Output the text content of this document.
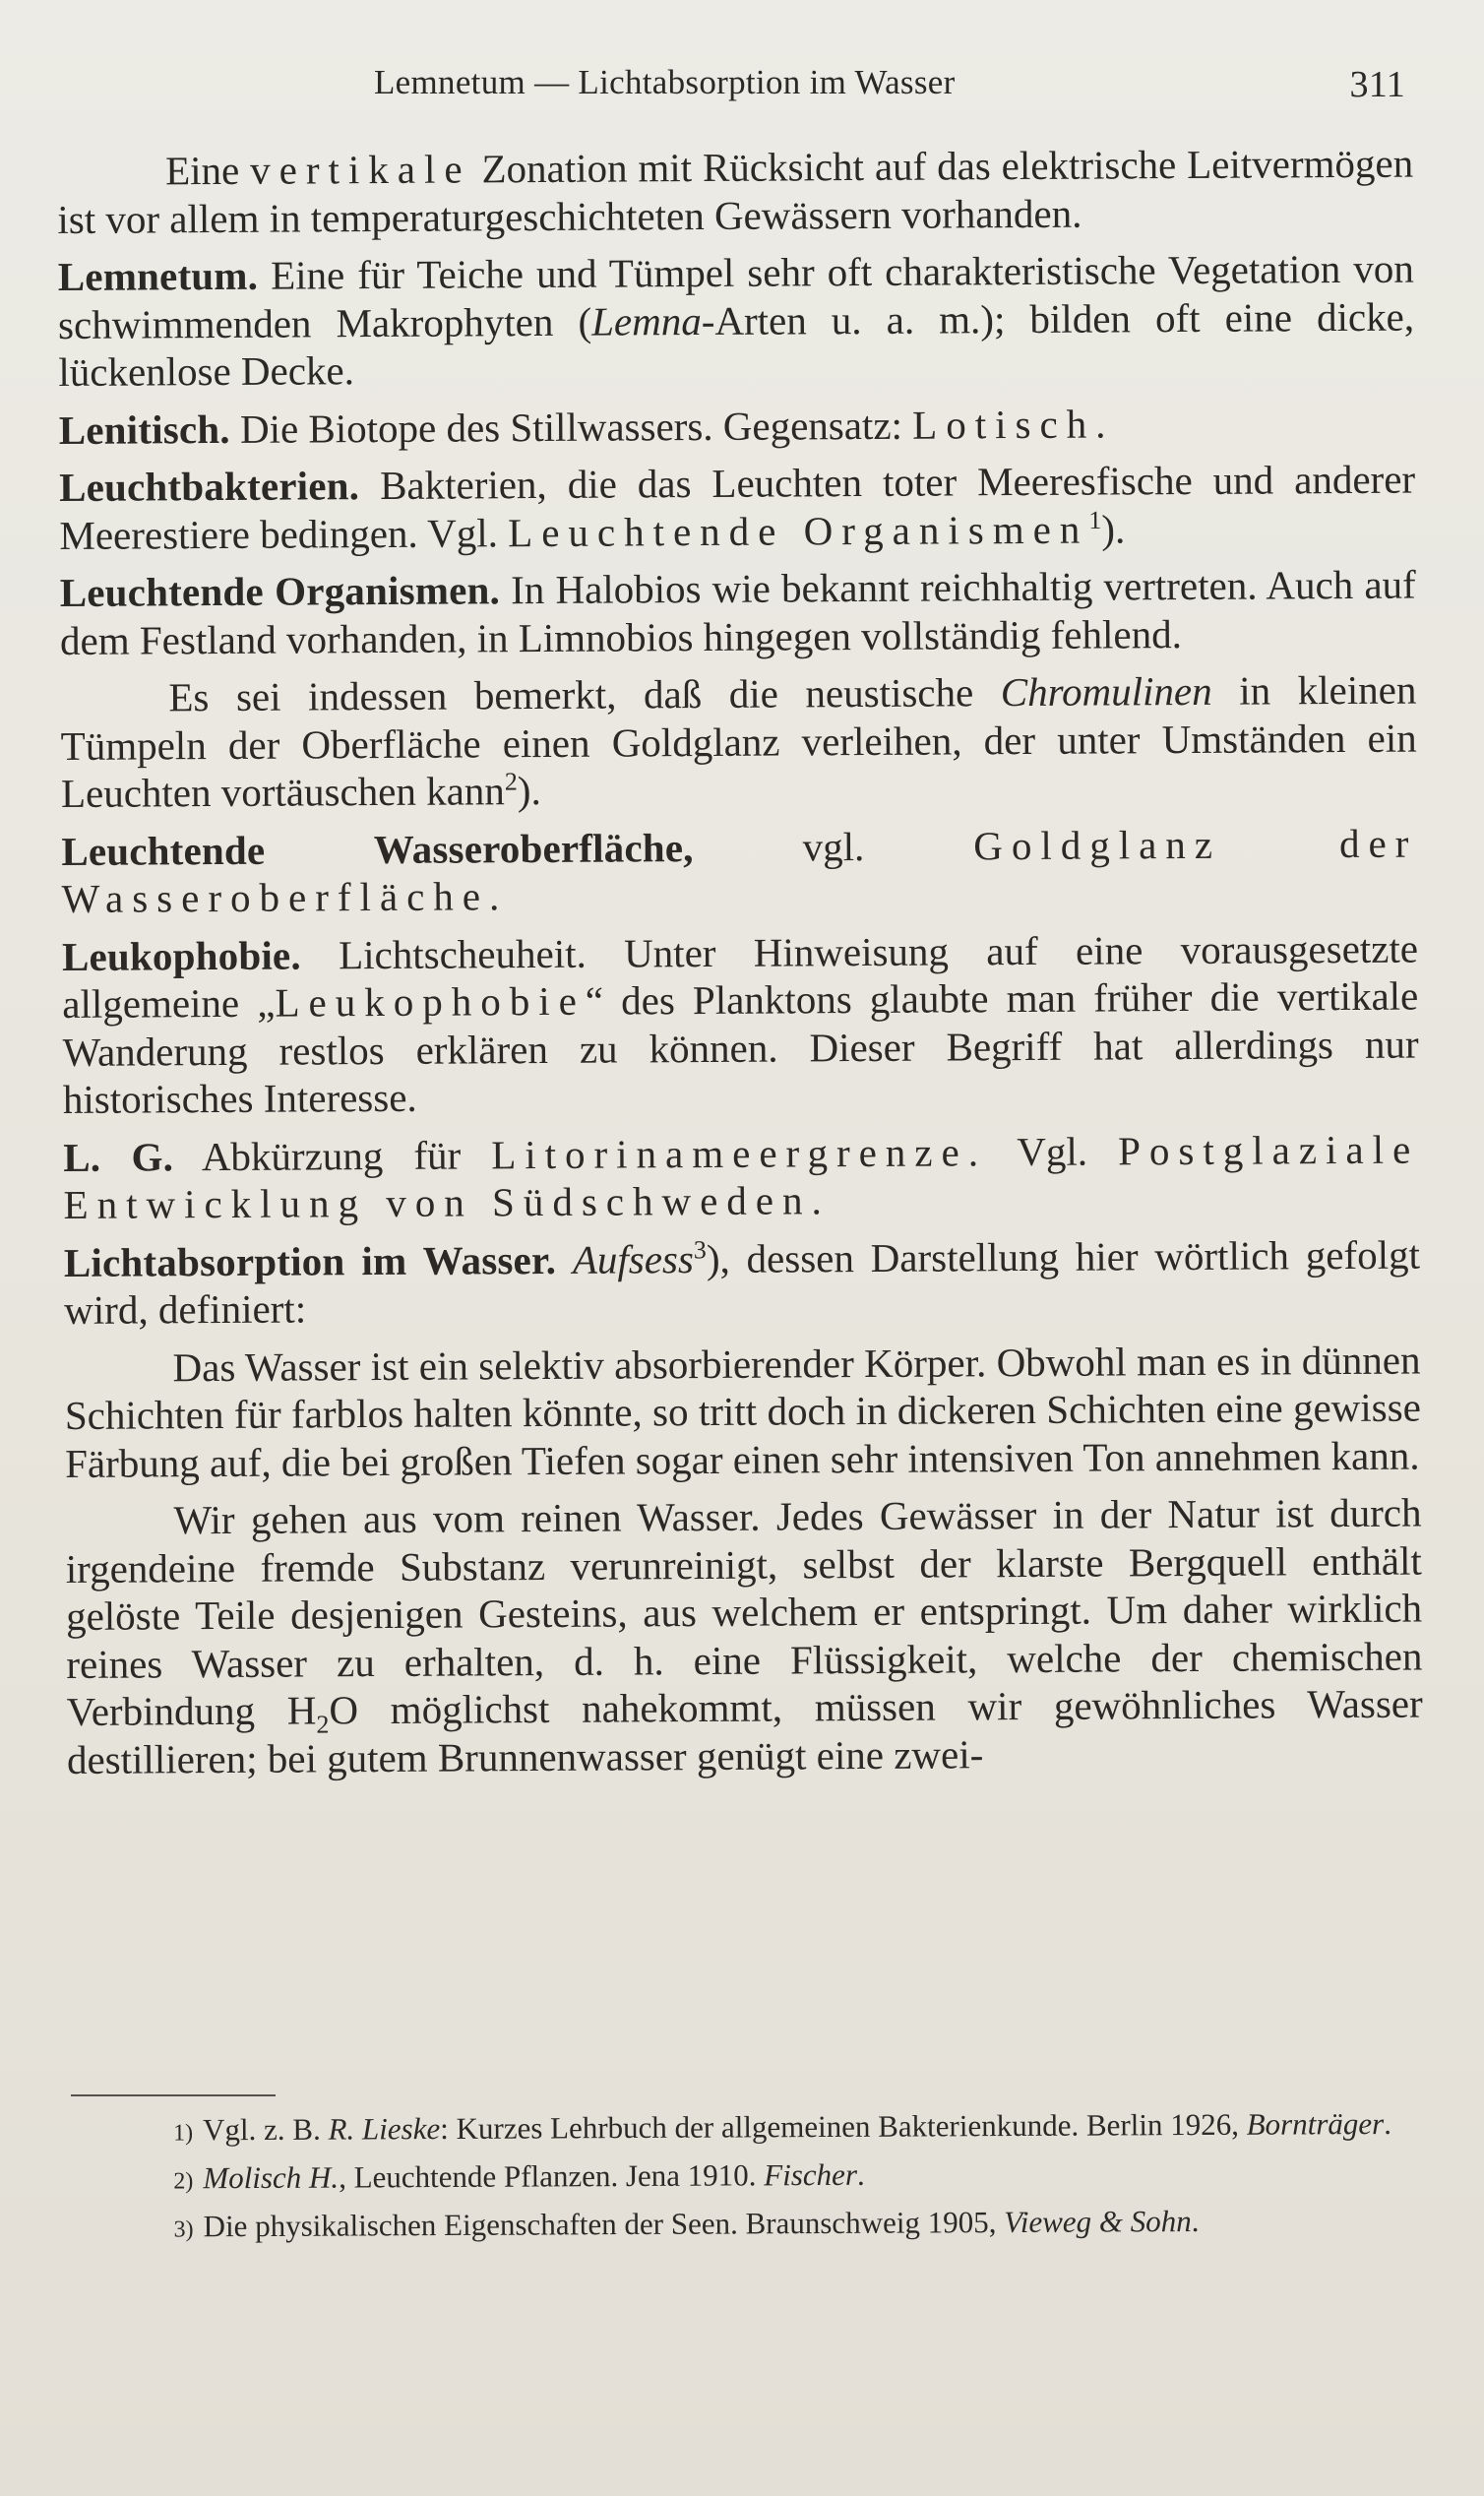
Lemnetum — Lichtabsorption im Wasser	311

Eine vertikale Zonation mit Rücksicht auf das elektrische Leitvermögen ist vor allem in temperaturgeschichteten Gewässern vorhanden.

Lemnetum. Eine für Teiche und Tümpel sehr oft charakteristische Vegetation von schwimmenden Makrophyten (Lemna-Arten u. a. m.); bilden oft eine dicke, lückenlose Decke.

Lenitisch. Die Biotope des Stillwassers. Gegensatz: Lotisch.

Leuchtbakterien. Bakterien, die das Leuchten toter Meeresfische und anderer Meerestiere bedingen. Vgl. Leuchtende Organismen$^1$).

Leuchtende Organismen. In Halobios wie bekannt reichhaltig vertreten. Auch auf dem Festland vorhanden, in Limnobios hingegen vollständig fehlend.

Es sei indessen bemerkt, daß die neustische Chromulinen in kleinen Tümpeln der Oberfläche einen Goldglanz verleihen, der unter Umständen ein Leuchten vortäuschen kann$^2$).

Leuchtende Wasseroberfläche, vgl. Goldglanz der Wasseroberfläche.

Leukophobie. Lichtscheuheit. Unter Hinweisung auf eine vorausgesetzte allgemeine „Leukophobie“ des Planktons glaubte man früher die vertikale Wanderung restlos erklären zu können. Dieser Begriff hat allerdings nur historisches Interesse.

L. G. Abkürzung für Litorinameergrenze. Vgl. Postglaziale Entwicklung von Südschweden.

Lichtabsorption im Wasser. Aufsess$^3$), dessen Darstellung hier wörtlich gefolgt wird, definiert:

Das Wasser ist ein selektiv absorbierender Körper. Obwohl man es in dünnen Schichten für farblos halten könnte, so tritt doch in dickeren Schichten eine gewisse Färbung auf, die bei großen Tiefen sogar einen sehr intensiven Ton annehmen kann.

Wir gehen aus vom reinen Wasser. Jedes Gewässer in der Natur ist durch irgendeine fremde Substanz verunreinigt, selbst der klarste Bergquell enthält gelöste Teile desjenigen Gesteins, aus welchem er entspringt. Um daher wirklich reines Wasser zu erhalten, d. h. eine Flüssigkeit, welche der chemischen Verbindung $H_2O$ möglichst nahekommt, müssen wir gewöhnliches Wasser destillieren; bei gutem Brunnenwasser genügt eine zwei-

1) Vgl. z. B. R. Lieske: Kurzes Lehrbuch der allgemeinen Bakterienkunde. Berlin 1926, Bornträger.

2) Molisch H., Leuchtende Pflanzen. Jena 1910. Fischer.

3) Die physikalischen Eigenschaften der Seen. Braunschweig 1905, Vieweg & Sohn.
